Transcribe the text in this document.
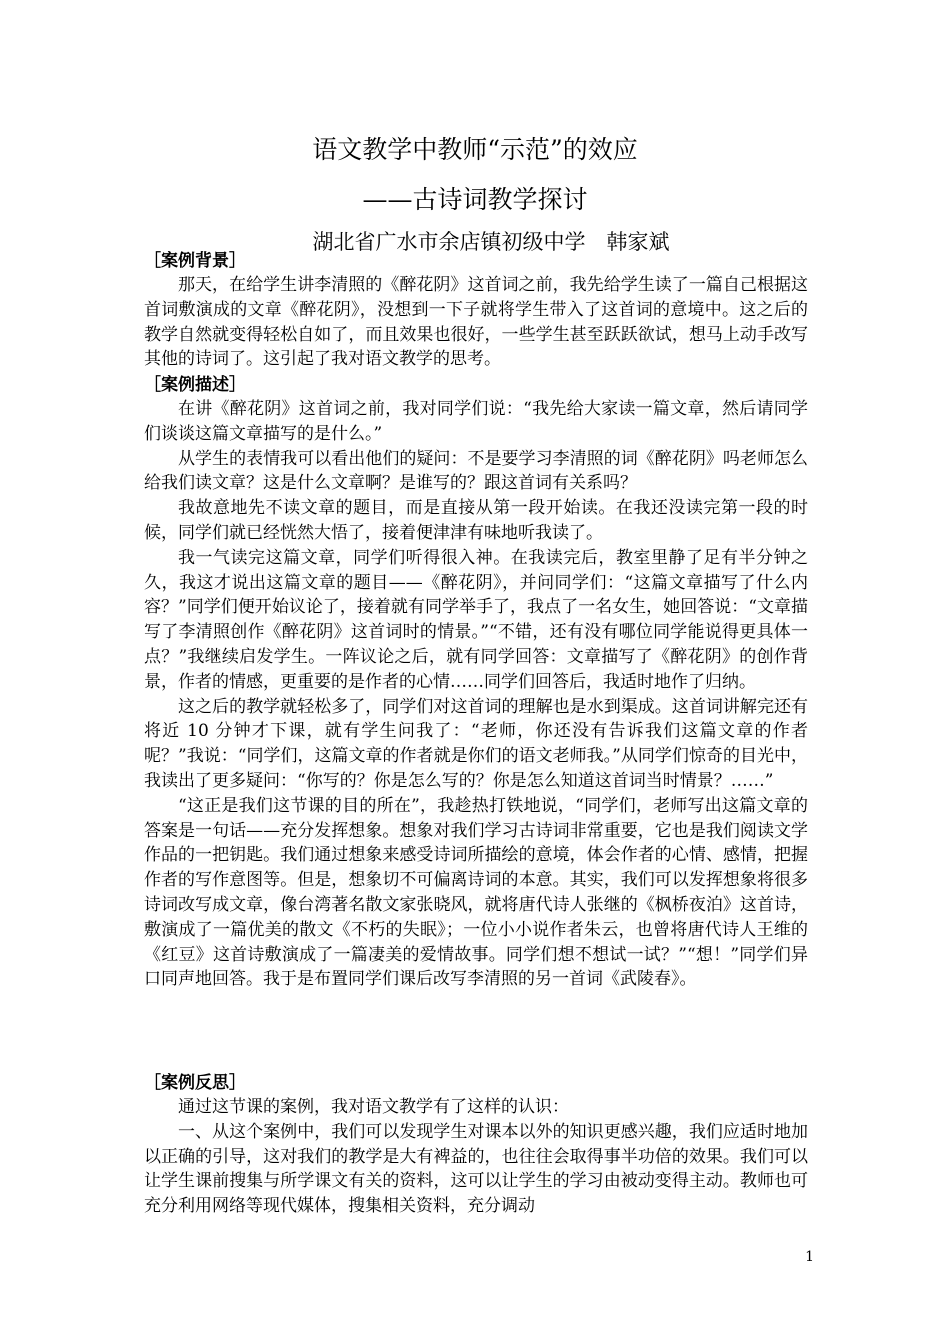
语文教学中教师“示范”的效应
——古诗词教学探讨
湖北省广水市余店镇初级中学　韩家斌
［案例背景］

那天，在给学生讲李清照的《醉花阴》这首词之前，我先给学生读了一篇自己根据这首词敷演成的文章《醉花阴》，没想到一下子就将学生带入了这首词的意境中。这之后的教学自然就变得轻松自如了，而且效果也很好，一些学生甚至跃跃欲试，想马上动手改写其他的诗词了。这引起了我对语文教学的思考。

［案例描述］

在讲《醉花阴》这首词之前，我对同学们说：“我先给大家读一篇文章，然后请同学们谈谈这篇文章描写的是什么。”

从学生的表情我可以看出他们的疑问：不是要学习李清照的词《醉花阴》吗老师怎么给我们读文章？这是什么文章啊？是谁写的？跟这首词有关系吗？

我故意地先不读文章的题目，而是直接从第一段开始读。在我还没读完第一段的时候，同学们就已经恍然大悟了，接着便津津有味地听我读了。

我一气读完这篇文章，同学们听得很入神。在我读完后，教室里静了足有半分钟之久，我这才说出这篇文章的题目——《醉花阴》，并问同学们：“这篇文章描写了什么内容？”同学们便开始议论了，接着就有同学举手了，我点了一名女生，她回答说：“文章描写了李清照创作《醉花阴》这首词时的情景。”“不错，还有没有哪位同学能说得更具体一点？”我继续启发学生。一阵议论之后，就有同学回答：文章描写了《醉花阴》的创作背景，作者的情感，更重要的是作者的心情……同学们回答后，我适时地作了归纳。

这之后的教学就轻松多了，同学们对这首词的理解也是水到渠成。这首词讲解完还有将近 10 分钟才下课，就有学生问我了：“老师，你还没有告诉我们这篇文章的作者呢？”我说：“同学们，这篇文章的作者就是你们的语文老师我。”从同学们惊奇的目光中，我读出了更多疑问：“你写的？你是怎么写的？你是怎么知道这首词当时情景？……”

“这正是我们这节课的目的所在”，我趁热打铁地说，“同学们，老师写出这篇文章的答案是一句话——充分发挥想象。想象对我们学习古诗词非常重要，它也是我们阅读文学作品的一把钥匙。我们通过想象来感受诗词所描绘的意境，体会作者的心情、感情，把握作者的写作意图等。但是，想象切不可偏离诗词的本意。其实，我们可以发挥想象将很多诗词改写成文章，像台湾著名散文家张晓风，就将唐代诗人张继的《枫桥夜泊》这首诗，敷演成了一篇优美的散文《不朽的失眠》；一位小小说作者朱云，也曾将唐代诗人王维的《红豆》这首诗敷演成了一篇凄美的爱情故事。同学们想不想试一试？”“想！”同学们异口同声地回答。我于是布置同学们课后改写李清照的另一首词《武陵春》。

［案例反思］

通过这节课的案例，我对语文教学有了这样的认识：

一、从这个案例中，我们可以发现学生对课本以外的知识更感兴趣，我们应适时地加以正确的引导，这对我们的教学是大有裨益的，也往往会取得事半功倍的效果。我们可以让学生课前搜集与所学课文有关的资料，这可以让学生的学习由被动变得主动。教师也可充分利用网络等现代媒体，搜集相关资料，充分调动

1
